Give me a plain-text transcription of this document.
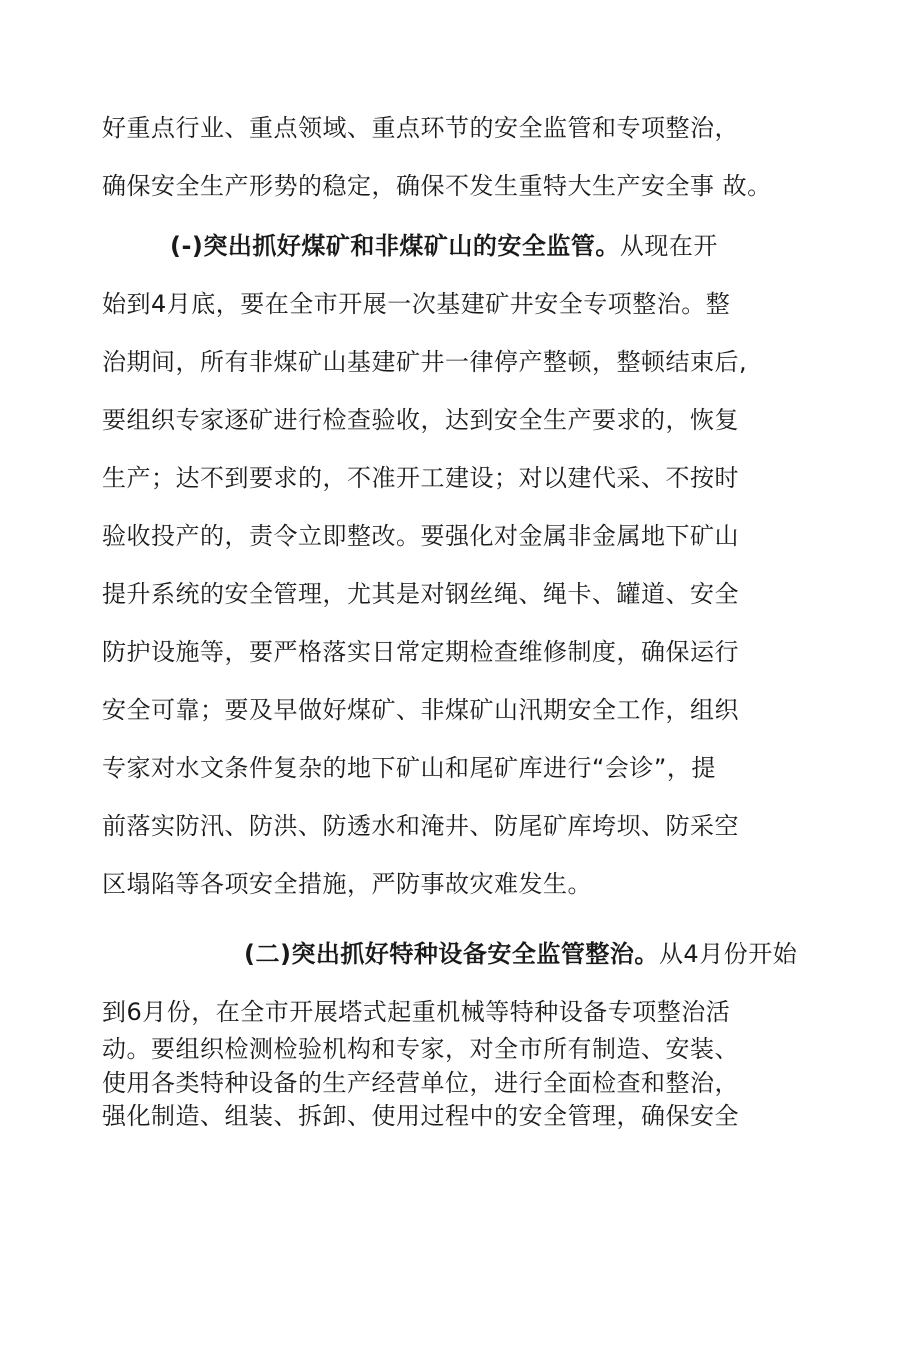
好重点行业、重点领域、重点环节的安全监管和专项整治，
确保安全生产形势的稳定，确保不发生重特大生产安全事 故。
(-)突出抓好煤矿和非煤矿山的安全监管。从现在开
始到4月底，要在全市开展一次基建矿井安全专项整治。整
治期间，所有非煤矿山基建矿井一律停产整顿，整顿结束后,
要组织专家逐矿进行检查验收，达到安全生产要求的，恢复
生产；达不到要求的，不准开工建设；对以建代采、不按时
验收投产的，责令立即整改。要强化对金属非金属地下矿山
提升系统的安全管理，尤其是对钢丝绳、绳卡、罐道、安全
防护设施等，要严格落实日常定期检查维修制度，确保运行
安全可靠；要及早做好煤矿、非煤矿山汛期安全工作，组织
专家对水文条件复杂的地下矿山和尾矿库进行“会诊”，提
前落实防汛、防洪、防透水和淹井、防尾矿库垮坝、防采空
区塌陷等各项安全措施，严防事故灾难发生。
(二)突出抓好特种设备安全监管整治。从4月份开始
到6月份，在全市开展塔式起重机械等特种设备专项整治活
动。要组织检测检验机构和专家，对全市所有制造、安装、
使用各类特种设备的生产经营单位，进行全面检查和整治，
强化制造、组装、拆卸、使用过程中的安全管理，确保安全
